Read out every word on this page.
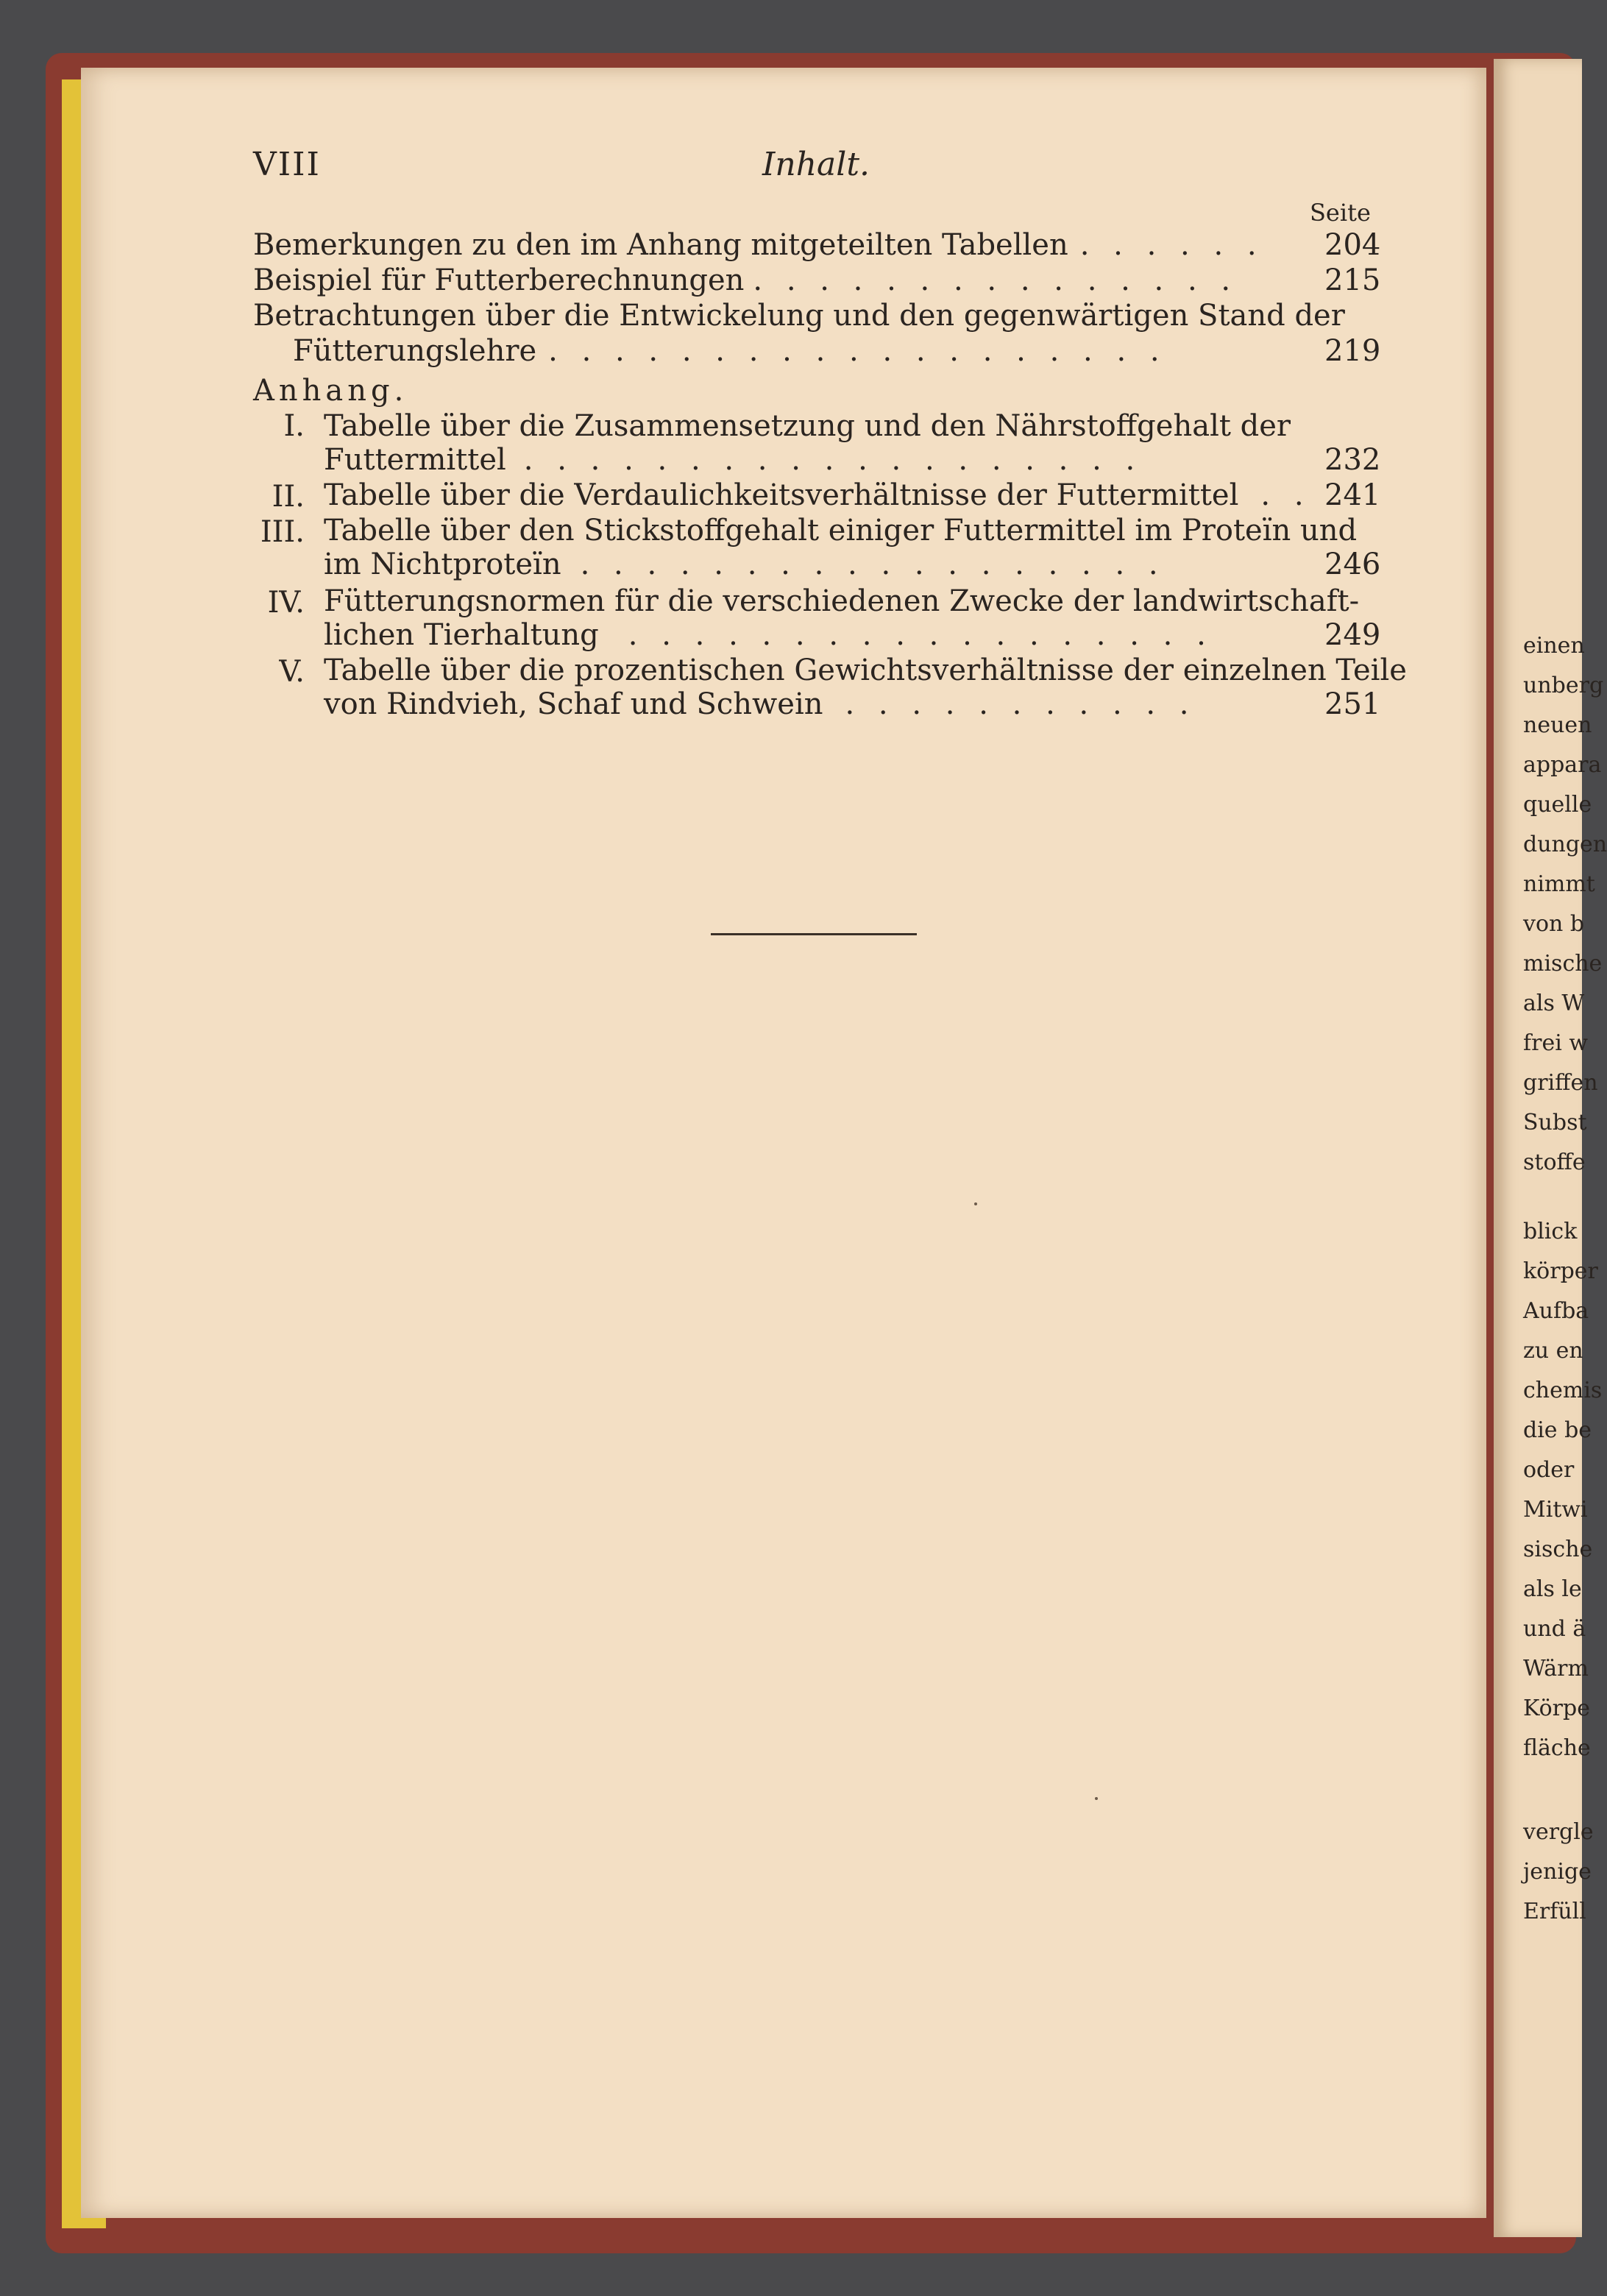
einen
unberg
neuen
appara
quelle
dungen
nimmt
von b
mische
als W
frei w
griffen
Subst
stoffe
blick
körper
Aufba
zu en
chemis
die be
oder
Mitwi
sische
als le
und ä
Wärm
Körpe
fläche
vergle
jenige
Erfüll
VIII	Inhalt.
Seite
Bemerkungen zu den im Anhang mitgeteilten Tabellen . . . . . . 204
Beispiel für Futterberechnungen . . . . . . . . . . . . . . .	215
Betrachtungen über die Entwickelung und den gegenwärtigen Stand der
Fütterungslehre . . . . . . . . . . . . . . . . . . .	219
Anhang.
I. Tabelle über die Zusammensetzung und den Nährstoffgehalt der
Futtermittel . . . . . . . . . . . . . . . . . . .	232
II. Tabelle über die Verdaulichkeitsverhältnisse der Futtermittel . . 241
III. Tabelle über den Stickstoffgehalt einiger Futtermittel im Proteïn und
im Nichtproteïn . . . . . . . . . . . . . . . . . .	246
IV. Fütterungsnormen für die verschiedenen Zwecke der landwirtschaft-
lichen Tierhaltung . . . . . . . . . . . . . . . . . .	249
V. Tabelle über die prozentischen Gewichtsverhältnisse der einzelnen Teile
von Rindvieh, Schaf und Schwein . . . . . . . . . . .	251
